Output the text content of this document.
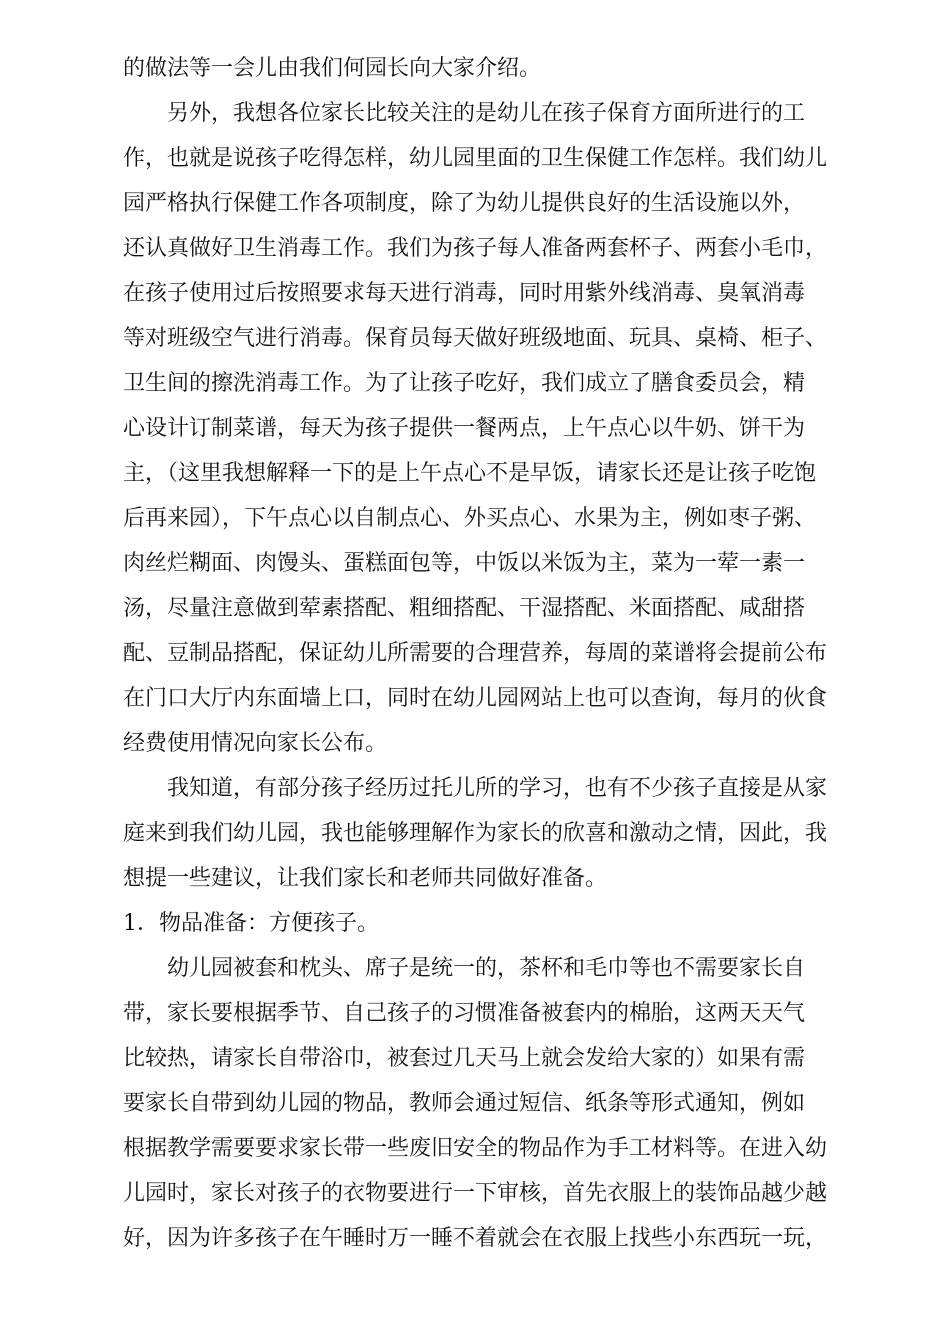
的做法等一会儿由我们何园长向大家介绍。
另外，我想各位家长比较关注的是幼儿在孩子保育方面所进行的工
作，也就是说孩子吃得怎样，幼儿园里面的卫生保健工作怎样。我们幼儿
园严格执行保健工作各项制度，除了为幼儿提供良好的生活设施以外，
还认真做好卫生消毒工作。我们为孩子每人准备两套杯子、两套小毛巾，
在孩子使用过后按照要求每天进行消毒，同时用紫外线消毒、臭氧消毒
等对班级空气进行消毒。保育员每天做好班级地面、玩具、桌椅、柜子、
卫生间的擦洗消毒工作。为了让孩子吃好，我们成立了膳食委员会，精
心设计订制菜谱，每天为孩子提供一餐两点，上午点心以牛奶、饼干为
主，（这里我想解释一下的是上午点心不是早饭，请家长还是让孩子吃饱
后再来园），下午点心以自制点心、外买点心、水果为主，例如枣子粥、
肉丝烂糊面、肉馒头、蛋糕面包等，中饭以米饭为主，菜为一荤一素一
汤，尽量注意做到荤素搭配、粗细搭配、干湿搭配、米面搭配、咸甜搭
配、豆制品搭配，保证幼儿所需要的合理营养，每周的菜谱将会提前公布
在门口大厅内东面墙上口，同时在幼儿园网站上也可以查询，每月的伙食
经费使用情况向家长公布。
我知道，有部分孩子经历过托儿所的学习，也有不少孩子直接是从家
庭来到我们幼儿园，我也能够理解作为家长的欣喜和激动之情，因此，我
想提一些建议，让我们家长和老师共同做好准备。
1．物品准备：方便孩子。
幼儿园被套和枕头、席子是统一的，茶杯和毛巾等也不需要家长自
带，家长要根据季节、自己孩子的习惯准备被套内的棉胎，这两天天气
比较热，请家长自带浴巾，被套过几天马上就会发给大家的）如果有需
要家长自带到幼儿园的物品，教师会通过短信、纸条等形式通知，例如
根据教学需要要求家长带一些废旧安全的物品作为手工材料等。在进入幼
儿园时，家长对孩子的衣物要进行一下审核，首先衣服上的装饰品越少越
好，因为许多孩子在午睡时万一睡不着就会在衣服上找些小东西玩一玩，
